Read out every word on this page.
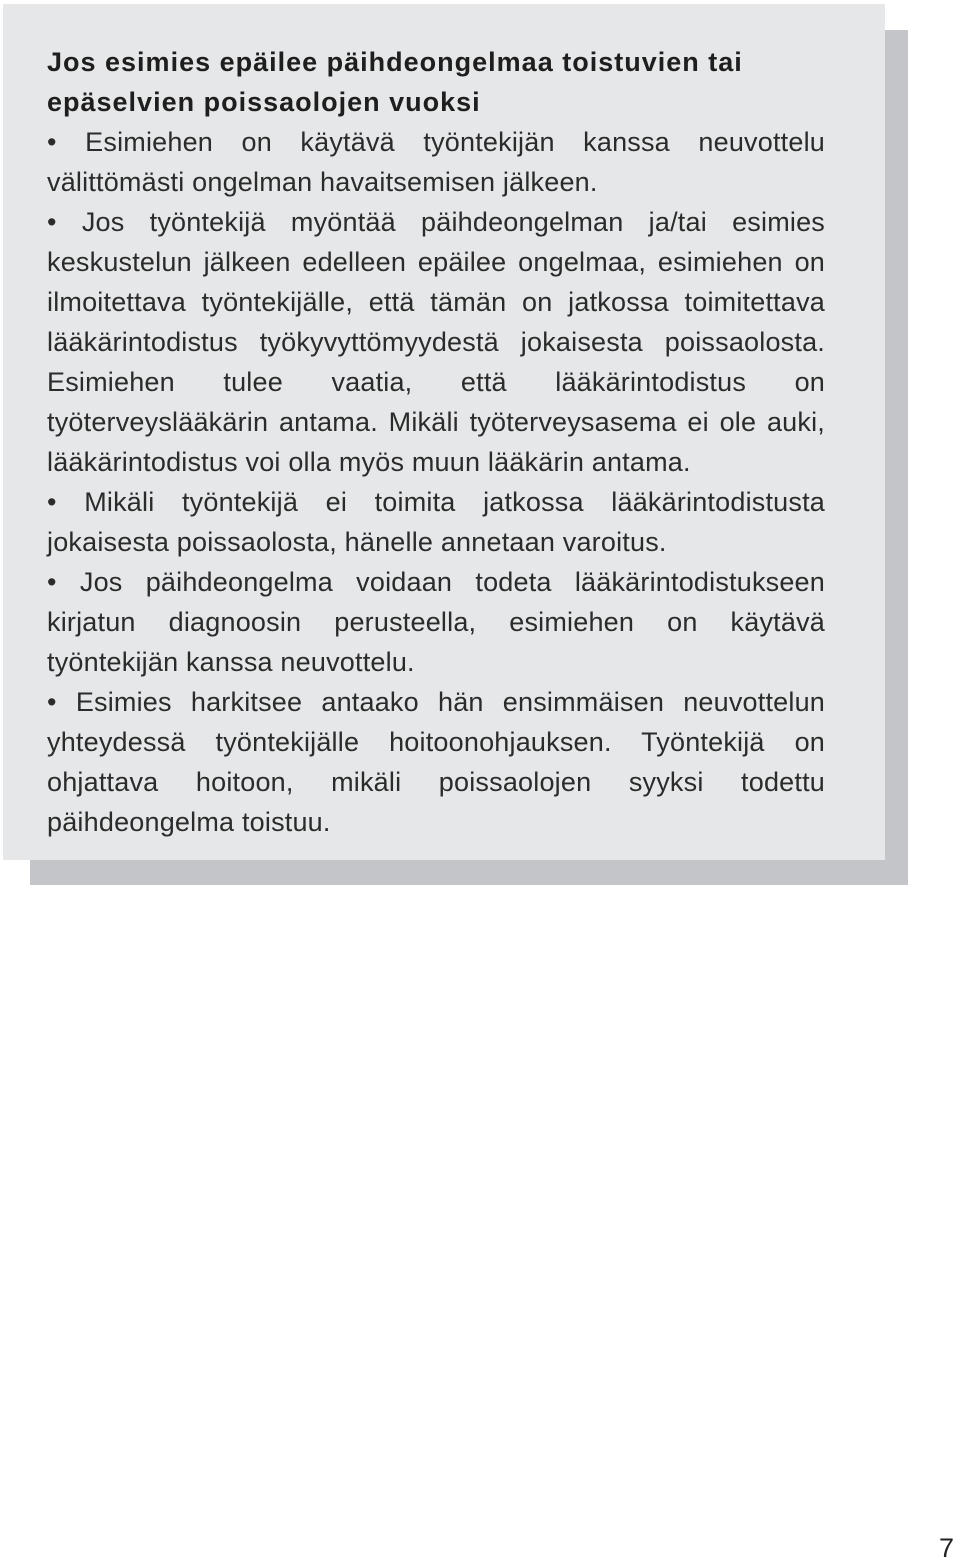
Jos esimies epäilee päihdeongelmaa toistuvien tai
epäselvien poissaolojen vuoksi

• Esimiehen on käytävä työntekijän kanssa neuvottelu välittömästi ongelman havaitsemisen jälkeen.

• Jos työntekijä myöntää päihdeongelman ja/tai esimies keskustelun jälkeen edelleen epäilee ongelmaa, esimiehen on ilmoitettava työntekijälle, että tämän on jatkossa toimitettava lääkärintodistus työkyvyttömyydestä jokaisesta poissaolosta. Esimiehen tulee vaatia, että lääkärintodistus on työterveyslääkärin antama. Mikäli työterveysasema ei ole auki, lääkärintodistus voi olla myös muun lääkärin antama.

• Mikäli työntekijä ei toimita jatkossa lääkärintodistusta jokaisesta poissaolosta, hänelle annetaan varoitus.

• Jos päihdeongelma voidaan todeta lääkärintodistukseen kirjatun diagnoosin perusteella, esimiehen on käytävä työntekijän kanssa neuvottelu.

• Esimies harkitsee antaako hän ensimmäisen neuvottelun yhteydessä työntekijälle hoitoonohjauksen. Työntekijä on ohjattava hoitoon, mikäli poissaolojen syyksi todettu päihdeongelma toistuu.

7
